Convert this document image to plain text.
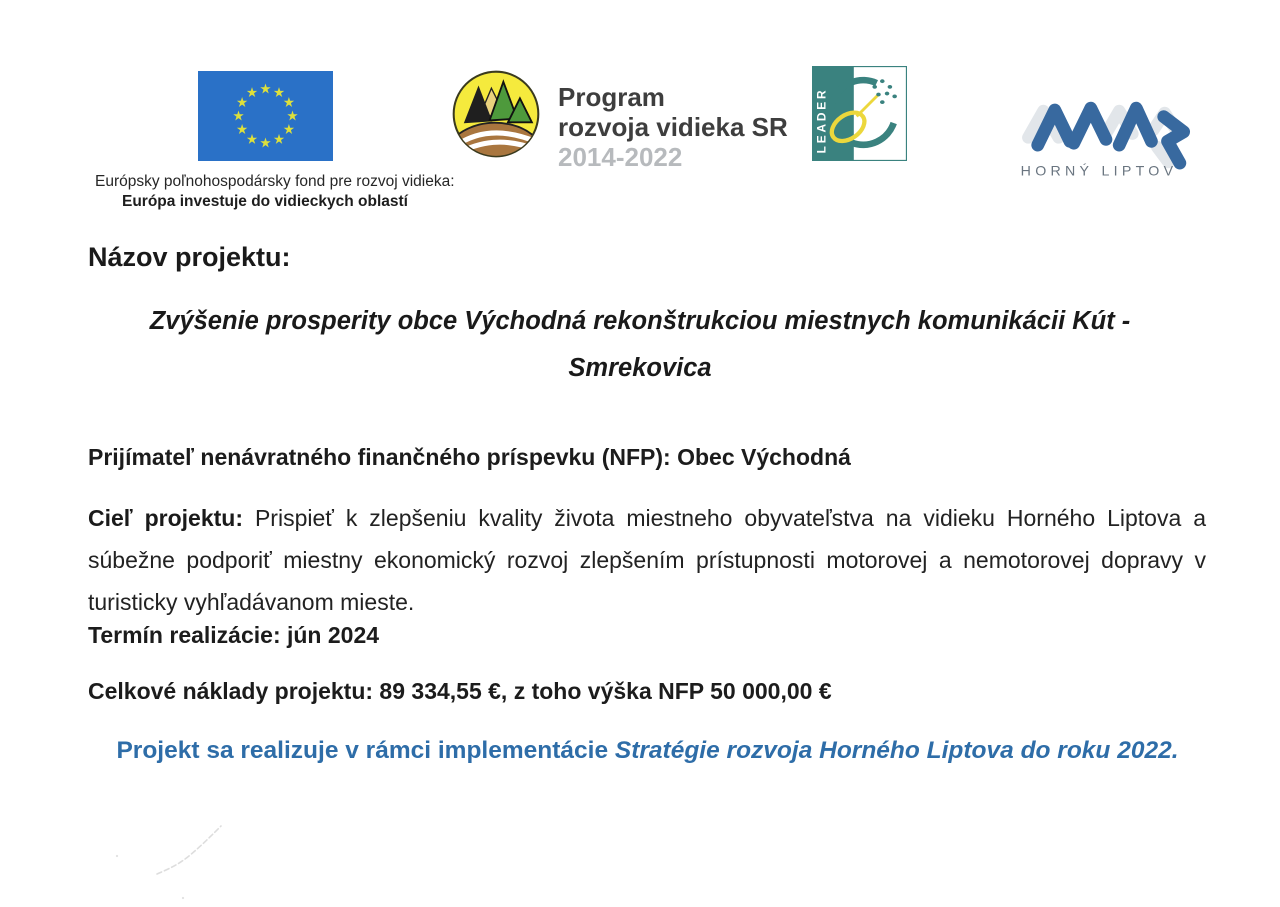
Európsky poľnohospodársky fond pre rozvoj vidieka:
Európa investuje do vidieckych oblastí
Program
rozvoja vidieka SR
2014-2022
LEADER
HORNÝ LIPTOV
Názov projektu:
Zvýšenie prosperity obce Východná rekonštrukciou miestnych komunikácii Kút - Smrekovica
Prijímateľ nenávratného finančného príspevku (NFP): Obec Východná
Cieľ projektu: Prispieť k zlepšeniu kvality života miestneho obyvateľstva na vidieku Horného Liptova a súbežne podporiť miestny ekonomický rozvoj zlepšením prístupnosti motorovej a nemotorovej dopravy v turisticky vyhľadávanom mieste.
Termín realizácie: jún 2024
Celkové náklady projektu: 89 334,55 €, z toho výška NFP 50 000,00 €
Projekt sa realizuje v rámci implementácie Stratégie rozvoja Horného Liptova do roku 2022.
